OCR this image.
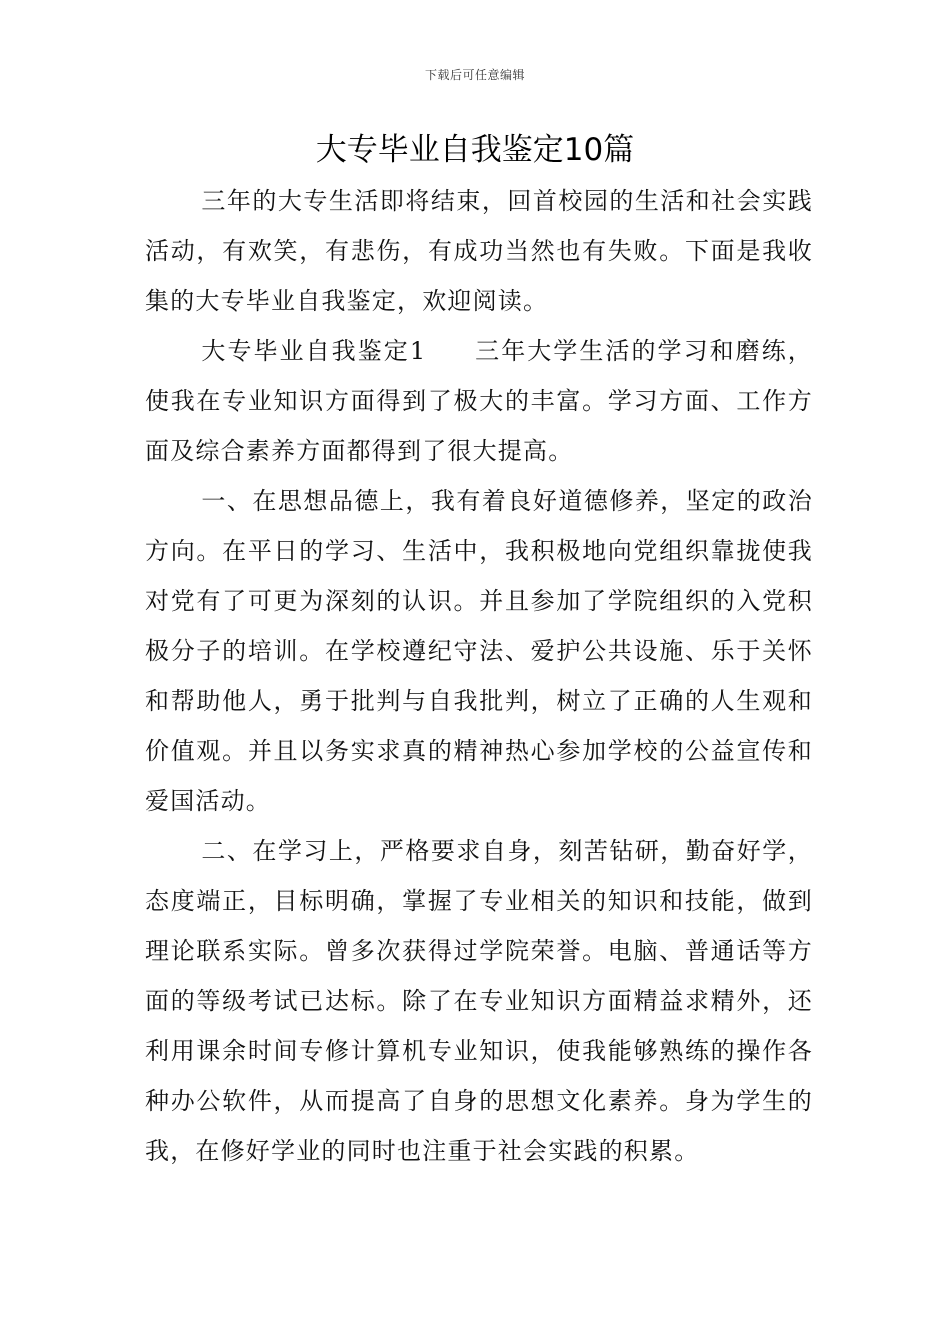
下载后可任意编辑
大专毕业自我鉴定10篇

三年的大专生活即将结束，回首校园的生活和社会实践活动，有欢笑，有悲伤，有成功当然也有失败。下面是我收集的大专毕业自我鉴定，欢迎阅读。

大专毕业自我鉴定1 三年大学生活的学习和磨练，使我在专业知识方面得到了极大的丰富。学习方面、工作方面及综合素养方面都得到了很大提高。

一、在思想品德上，我有着良好道德修养，坚定的政治方向。在平日的学习、生活中，我积极地向党组织靠拢使我对党有了可更为深刻的认识。并且参加了学院组织的入党积极分子的培训。在学校遵纪守法、爱护公共设施、乐于关怀和帮助他人，勇于批判与自我批判，树立了正确的人生观和价值观。并且以务实求真的精神热心参加学校的公益宣传和爱国活动。

二、在学习上，严格要求自身，刻苦钻研，勤奋好学，态度端正，目标明确，掌握了专业相关的知识和技能，做到理论联系实际。曾多次获得过学院荣誉。电脑、普通话等方面的等级考试已达标。除了在专业知识方面精益求精外，还利用课余时间专修计算机专业知识，使我能够熟练的操作各种办公软件，从而提高了自身的思想文化素养。身为学生的我，在修好学业的同时也注重于社会实践的积累。
